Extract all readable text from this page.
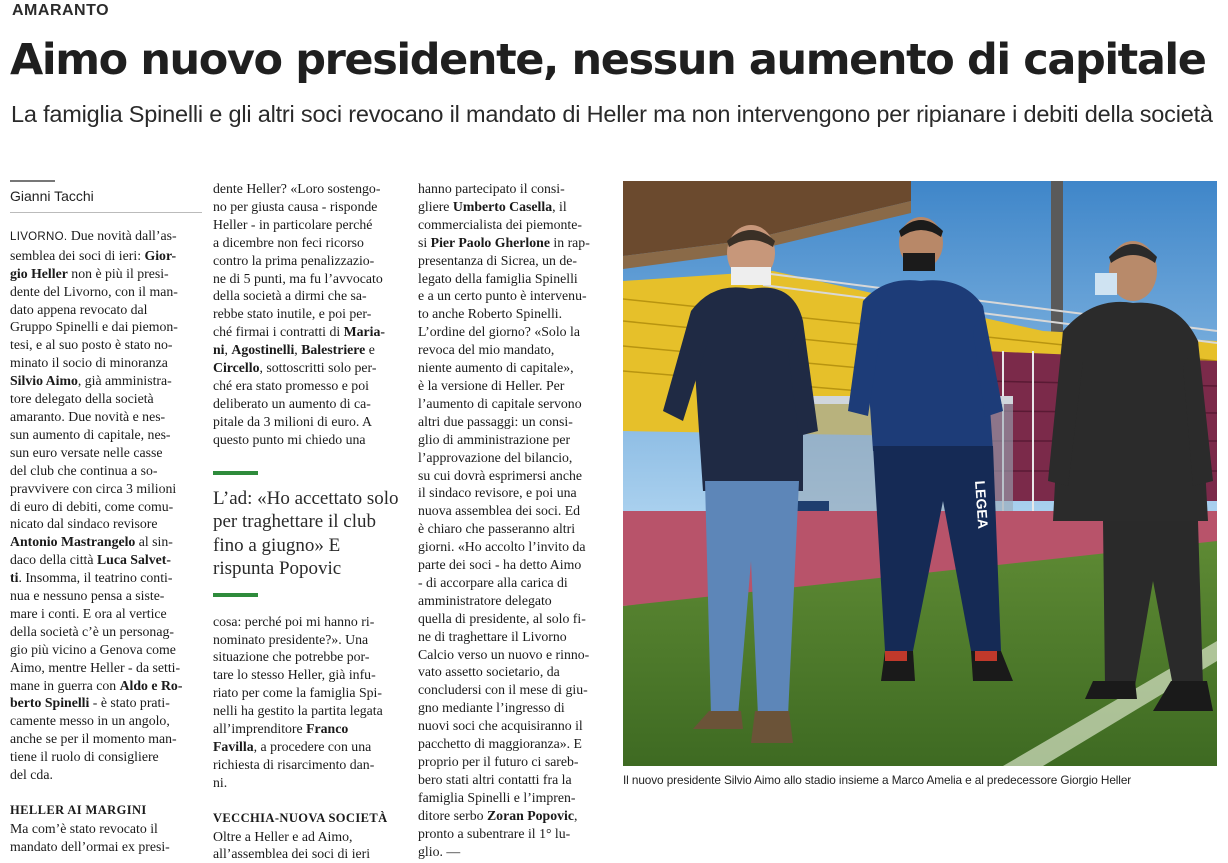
AMARANTO
Aimo nuovo presidente, nessun aumento di capitale
La famiglia Spinelli e gli altri soci revocano il mandato di Heller ma non intervengono per ripianare i debiti della società
Gianni Tacchi
LIVORNO. Due novità dall’as-
semblea dei soci di ieri: Gior-
gio Heller non è più il presi-
dente del Livorno, con il man-
dato appena revocato dal
Gruppo Spinelli e dai piemon-
tesi, e al suo posto è stato no-
minato il socio di minoranza
Silvio Aimo, già amministra-
tore delegato della società
amaranto. Due novità e nes-
sun aumento di capitale, nes-
sun euro versate nelle casse
del club che continua a so-
pravvivere con circa 3 milioni
di euro di debiti, come comu-
nicato dal sindaco revisore
Antonio Mastrangelo al sin-
daco della città Luca Salvet-
ti. Insomma, il teatrino conti-
nua e nessuno pensa a siste-
mare i conti. E ora al vertice
della società c’è un personag-
gio più vicino a Genova come
Aimo, mentre Heller - da setti-
mane in guerra con Aldo e Ro-
berto Spinelli - è stato prati-
camente messo in un angolo,
anche se per il momento man-
tiene il ruolo di consigliere
del cda.
HELLER AI MARGINI
Ma com’è stato revocato il
mandato dell’ormai ex presi-
dente Heller? «Loro sostengo-
no per giusta causa - risponde
Heller - in particolare perché
a dicembre non feci ricorso
contro la prima penalizzazio-
ne di 5 punti, ma fu l’avvocato
della società a dirmi che sa-
rebbe stato inutile, e poi per-
ché firmai i contratti di Maria-
ni, Agostinelli, Balestriere e
Circello, sottoscritti solo per-
ché era stato promesso e poi
deliberato un aumento di ca-
pitale da 3 milioni di euro. A
questo punto mi chiedo una
L’ad: «Ho accettato solo per traghettare il club fino a giugno» E rispunta Popovic
cosa: perché poi mi hanno ri-
nominato presidente?». Una
situazione che potrebbe por-
tare lo stesso Heller, già infu-
riato per come la famiglia Spi-
nelli ha gestito la partita legata
all’imprenditore Franco
Favilla, a procedere con una
richiesta di risarcimento dan-
ni.
VECCHIA-NUOVA SOCIETÀ
Oltre a Heller e ad Aimo,
all’assemblea dei soci di ieri
hanno partecipato il consi-
gliere Umberto Casella, il
commercialista dei piemonte-
si Pier Paolo Gherlone in rap-
presentanza di Sicrea, un de-
legato della famiglia Spinelli
e a un certo punto è intervenu-
to anche Roberto Spinelli.
L’ordine del giorno? «Solo la
revoca del mio mandato,
niente aumento di capitale»,
è la versione di Heller. Per
l’aumento di capitale servono
altri due passaggi: un consi-
glio di amministrazione per
l’approvazione del bilancio,
su cui dovrà esprimersi anche
il sindaco revisore, e poi una
nuova assemblea dei soci. Ed
è chiaro che passeranno altri
giorni. «Ho accolto l’invito da
parte dei soci - ha detto Aimo
- di accorpare alla carica di
amministratore delegato
quella di presidente, al solo fi-
ne di traghettare il Livorno
Calcio verso un nuovo e rinno-
vato assetto societario, da
concludersi con il mese di giu-
gno mediante l’ingresso di
nuovi soci che acquisiranno il
pacchetto di maggioranza». E
proprio per il futuro ci sareb-
bero stati altri contatti fra la
famiglia Spinelli e l’impren-
ditore serbo Zoran Popovic,
pronto a subentrare il 1° lu-
glio. —
LEGEA
Il nuovo presidente Silvio Aimo allo stadio insieme a Marco Amelia e al predecessore Giorgio Heller
